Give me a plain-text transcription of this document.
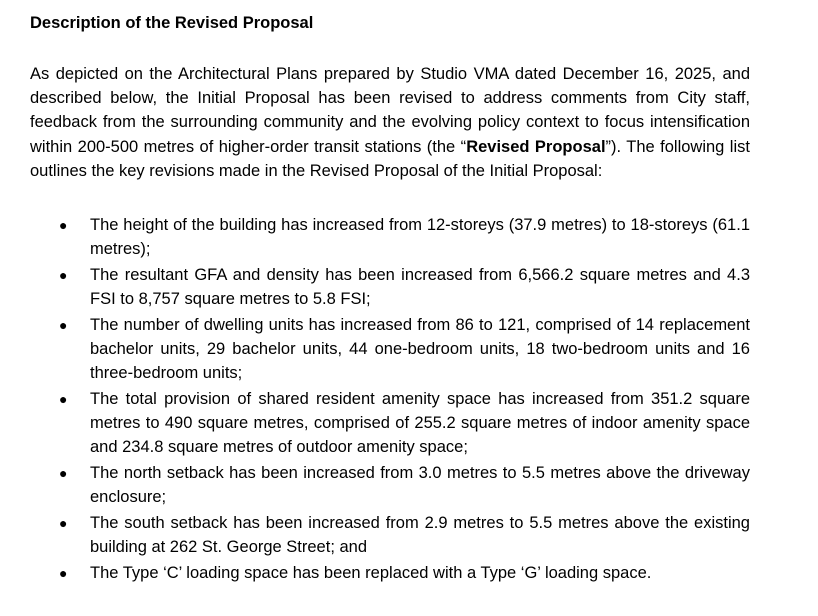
Description of the Revised Proposal

As depicted on the Architectural Plans prepared by Studio VMA dated December 16, 2025, and described below, the Initial Proposal has been revised to address comments from City staff, feedback from the surrounding community and the evolving policy context to focus intensification within 200-500 metres of higher-order transit stations (the “Revised Proposal”). The following list outlines the key revisions made in the Revised Proposal of the Initial Proposal:

● The height of the building has increased from 12-storeys (37.9 metres) to 18-storeys (61.1 metres);
● The resultant GFA and density has been increased from 6,566.2 square metres and 4.3 FSI to 8,757 square metres to 5.8 FSI;
● The number of dwelling units has increased from 86 to 121, comprised of 14 replacement bachelor units, 29 bachelor units, 44 one-bedroom units, 18 two-bedroom units and 16 three-bedroom units;
● The total provision of shared resident amenity space has increased from 351.2 square metres to 490 square metres, comprised of 255.2 square metres of indoor amenity space and 234.8 square metres of outdoor amenity space;
● The north setback has been increased from 3.0 metres to 5.5 metres above the driveway enclosure;
● The south setback has been increased from 2.9 metres to 5.5 metres above the existing building at 262 St. George Street; and
● The Type ‘C’ loading space has been replaced with a Type ‘G’ loading space.
